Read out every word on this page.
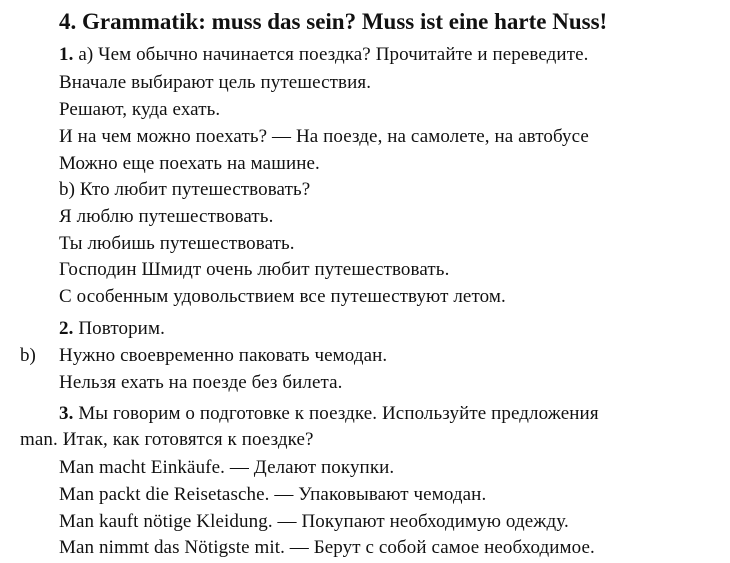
4. Grammatik: muss das sein? Muss ist eine harte Nuss!
1. а) Чем обычно начинается поездка? Прочитайте и переведите.
Вначале выбирают цель путешествия.
Решают, куда ехать.
И на чем можно поехать? — На поезде, на самолете, на автобусе
Можно еще поехать на машине.
b) Кто любит путешествовать?
Я люблю путешествовать.
Ты любишь путешествовать.
Господин Шмидт очень любит путешествовать.
С особенным удовольствием все путешествуют летом.
2. Повторим.
b) Нужно своевременно паковать чемодан.
Нельзя ехать на поезде без билета.
3. Мы говорим о подготовке к поездке. Используйте предложения
man. Итак, как готовятся к поездке?
Man macht Einkäufe. — Делают покупки.
Man packt die Reisetasche. — Упаковывают чемодан.
Man kauft nötige Kleidung. — Покупают необходимую одежду.
Man nimmt das Nötigste mit. — Берут с собой самое необходимое.
